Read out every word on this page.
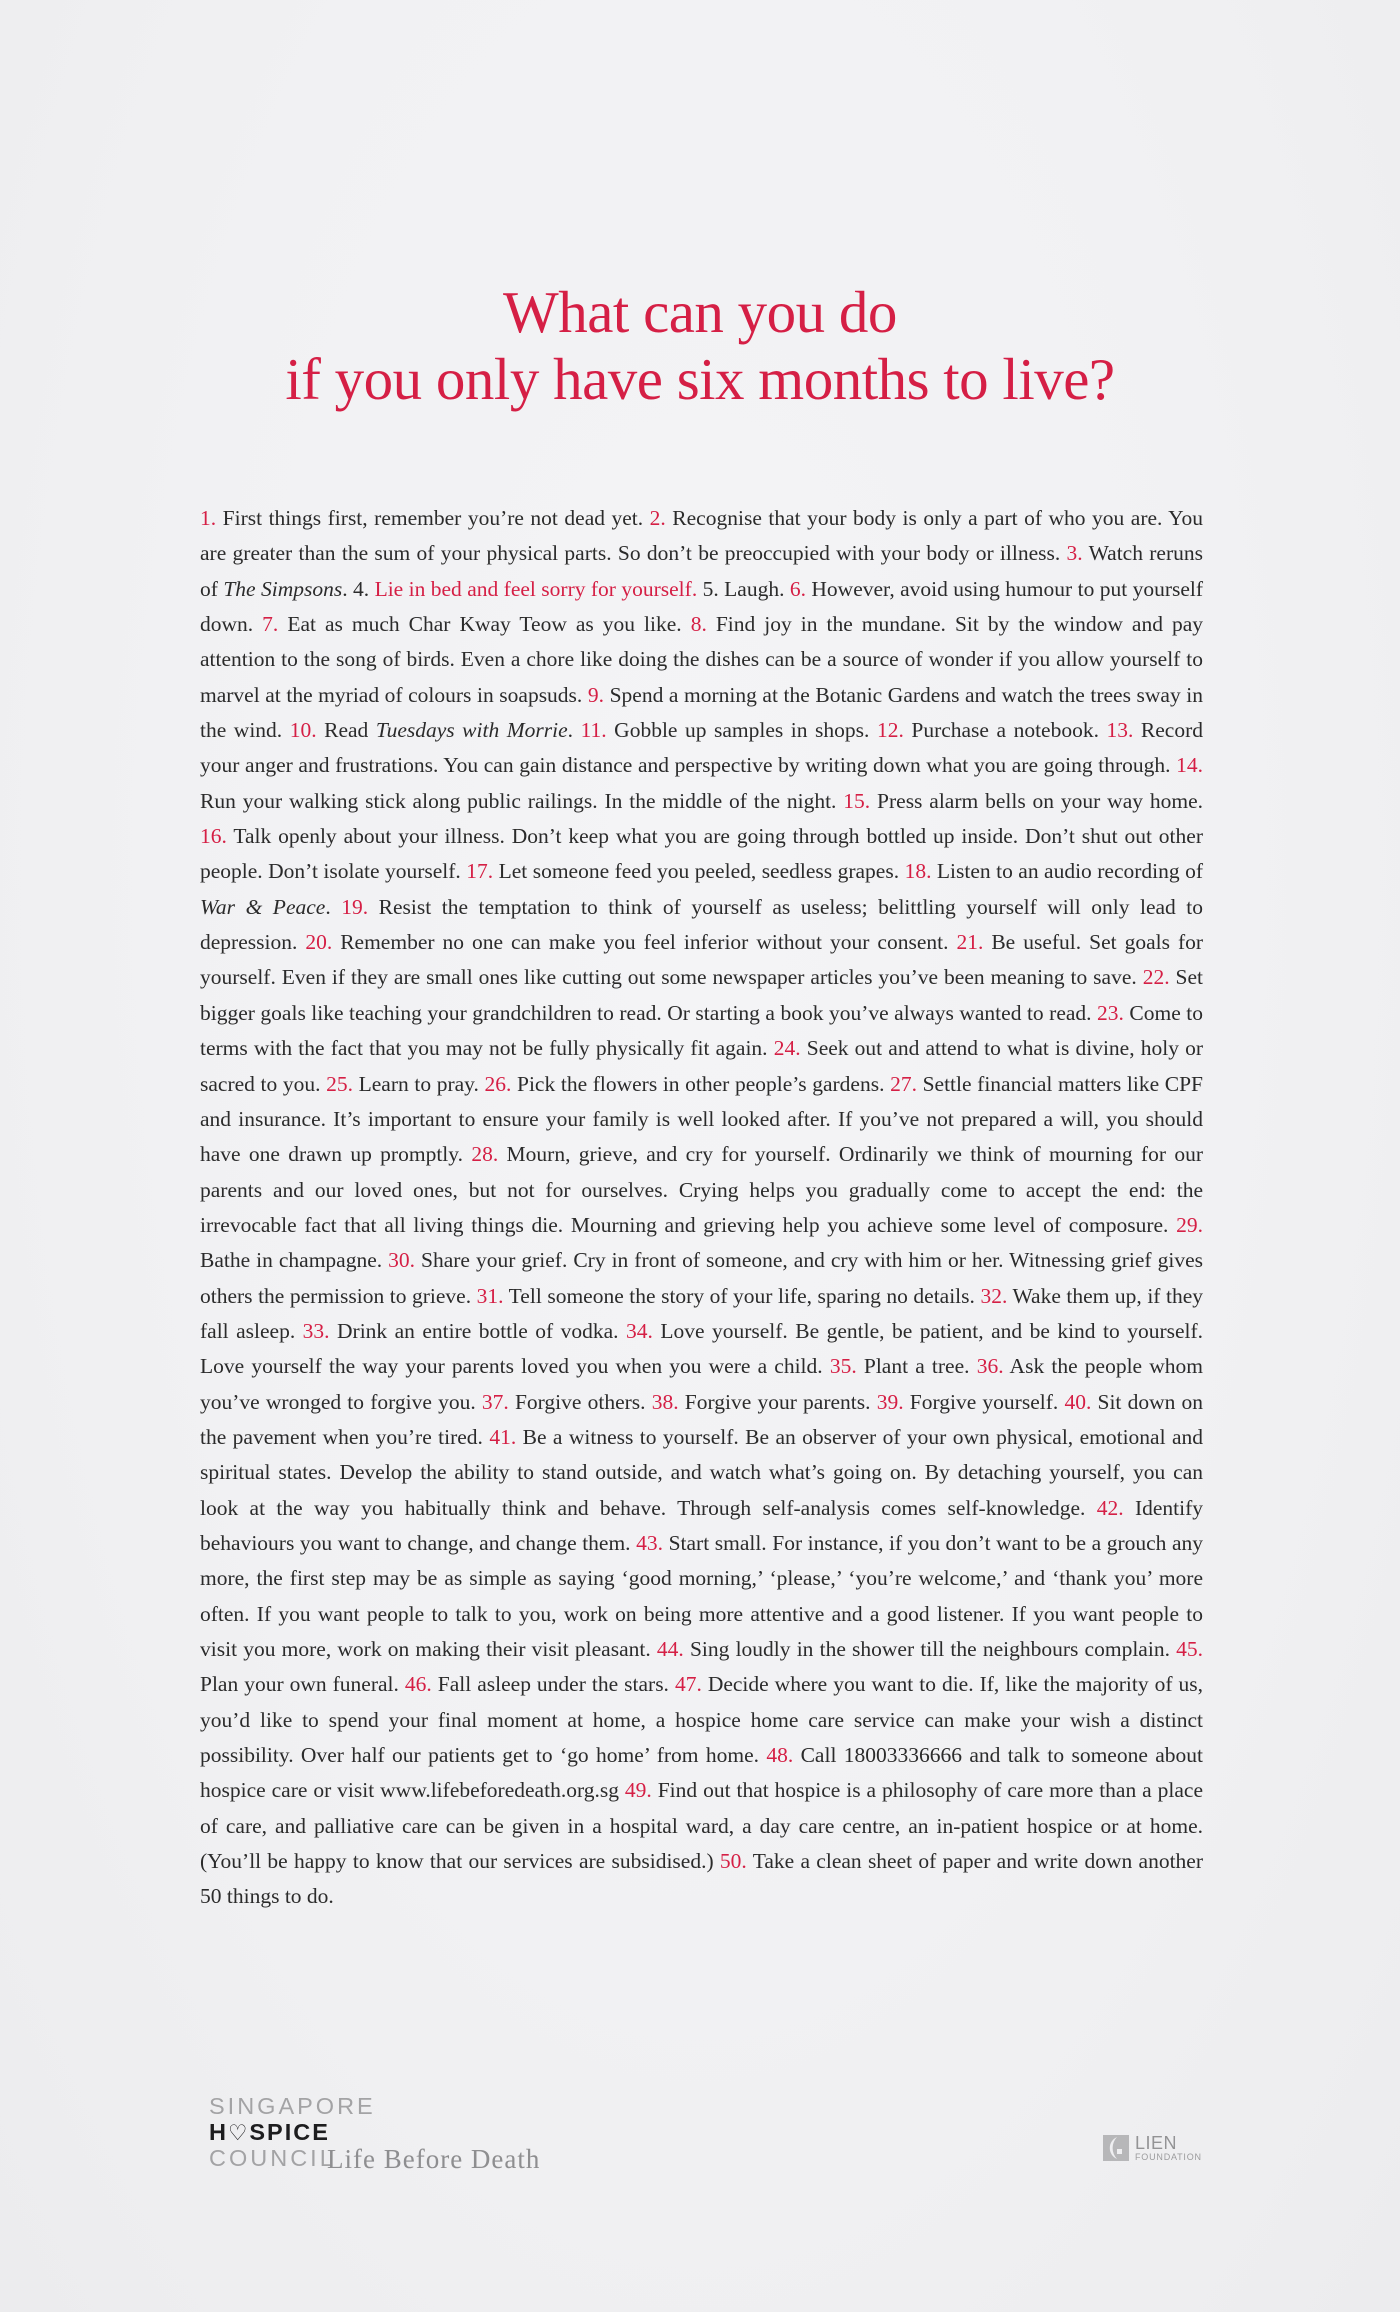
What can you do
if you only have six months to live?
1. First things first, remember you’re not dead yet. 2. Recognise that your body is only a part of who you are. You are greater than the sum of your physical parts. So don’t be preoccupied with your body or illness. 3. Watch reruns of The Simpsons. 4. Lie in bed and feel sorry for yourself. 5. Laugh. 6. However, avoid using humour to put yourself down. 7. Eat as much Char Kway Teow as you like. 8. Find joy in the mundane. Sit by the window and pay attention to the song of birds. Even a chore like doing the dishes can be a source of wonder if you allow yourself to marvel at the myriad of colours in soapsuds. 9. Spend a morning at the Botanic Gardens and watch the trees sway in the wind. 10. Read Tuesdays with Morrie. 11. Gobble up samples in shops. 12. Purchase a notebook. 13. Record your anger and frustrations. You can gain distance and perspective by writing down what you are going through. 14. Run your walking stick along public railings. In the middle of the night. 15. Press alarm bells on your way home. 16. Talk openly about your illness. Don’t keep what you are going through bottled up inside. Don’t shut out other people. Don’t isolate yourself. 17. Let someone feed you peeled, seedless grapes. 18. Listen to an audio recording of War & Peace. 19. Resist the temptation to think of yourself as useless; belittling yourself will only lead to depression. 20. Remember no one can make you feel inferior without your consent. 21. Be useful. Set goals for yourself. Even if they are small ones like cutting out some newspaper articles you’ve been meaning to save. 22. Set bigger goals like teaching your grandchildren to read. Or starting a book you’ve always wanted to read. 23. Come to terms with the fact that you may not be fully physically fit again. 24. Seek out and attend to what is divine, holy or sacred to you. 25. Learn to pray. 26. Pick the flowers in other people’s gardens. 27. Settle financial matters like CPF and insurance. It’s important to ensure your family is well looked after. If you’ve not prepared a will, you should have one drawn up promptly. 28. Mourn, grieve, and cry for yourself. Ordinarily we think of mourning for our parents and our loved ones, but not for ourselves. Crying helps you gradually come to accept the end: the irrevocable fact that all living things die. Mourning and grieving help you achieve some level of composure. 29. Bathe in champagne. 30. Share your grief. Cry in front of someone, and cry with him or her. Witnessing grief gives others the permission to grieve. 31. Tell someone the story of your life, sparing no details. 32. Wake them up, if they fall asleep. 33. Drink an entire bottle of vodka. 34. Love yourself. Be gentle, be patient, and be kind to yourself. Love yourself the way your parents loved you when you were a child. 35. Plant a tree. 36. Ask the people whom you’ve wronged to forgive you. 37. Forgive others. 38. Forgive your parents. 39. Forgive yourself. 40. Sit down on the pavement when you’re tired. 41. Be a witness to yourself. Be an observer of your own physical, emotional and spiritual states. Develop the ability to stand outside, and watch what’s going on. By detaching yourself, you can look at the way you habitually think and behave. Through self-analysis comes self-knowledge. 42. Identify behaviours you want to change, and change them. 43. Start small. For instance, if you don’t want to be a grouch any more, the first step may be as simple as saying ‘good morning,’ ‘please,’ ‘you’re welcome,’ and ‘thank you’ more often. If you want people to talk to you, work on being more attentive and a good listener. If you want people to visit you more, work on making their visit pleasant. 44. Sing loudly in the shower till the neighbours complain. 45. Plan your own funeral. 46. Fall asleep under the stars. 47. Decide where you want to die. If, like the majority of us, you’d like to spend your final moment at home, a hospice home care service can make your wish a distinct possibility. Over half our patients get to ‘go home’ from home. 48. Call 18003336666 and talk to someone about hospice care or visit www.lifebeforedeath.org.sg 49. Find out that hospice is a philosophy of care more than a place of care, and palliative care can be given in a hospital ward, a day care centre, an in-patient hospice or at home. (You’ll be happy to know that our services are subsidised.) 50. Take a clean sheet of paper and write down another 50 things to do.
SINGAPORE
H♡SPICE
COUNCIL
Life Before Death
LIEN
FOUNDATION
